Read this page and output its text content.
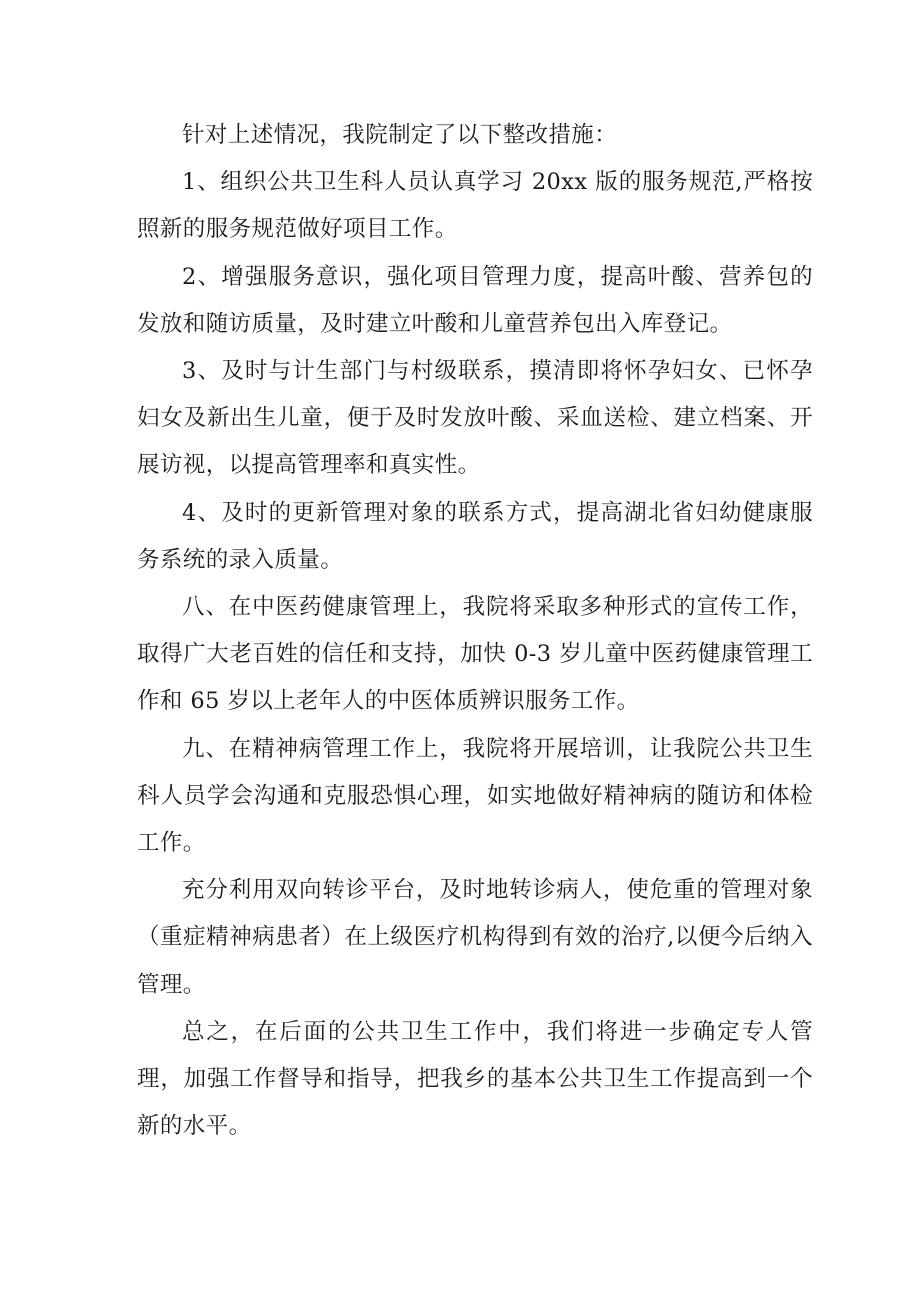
针对上述情况，我院制定了以下整改措施：

1、组织公共卫生科人员认真学习 20xx 版的服务规范,严格按照新的服务规范做好项目工作。

2、增强服务意识，强化项目管理力度，提高叶酸、营养包的发放和随访质量，及时建立叶酸和儿童营养包出入库登记。

3、及时与计生部门与村级联系，摸清即将怀孕妇女、已怀孕妇女及新出生儿童，便于及时发放叶酸、采血送检、建立档案、开展访视，以提高管理率和真实性。

4、及时的更新管理对象的联系方式，提高湖北省妇幼健康服务系统的录入质量。

八、在中医药健康管理上，我院将采取多种形式的宣传工作，取得广大老百姓的信任和支持，加快 0-3 岁儿童中医药健康管理工作和 65 岁以上老年人的中医体质辨识服务工作。

九、在精神病管理工作上，我院将开展培训，让我院公共卫生科人员学会沟通和克服恐惧心理，如实地做好精神病的随访和体检工作。

充分利用双向转诊平台，及时地转诊病人，使危重的管理对象（重症精神病患者）在上级医疗机构得到有效的治疗,以便今后纳入管理。

总之，在后面的公共卫生工作中，我们将进一步确定专人管理，加强工作督导和指导，把我乡的基本公共卫生工作提高到一个新的水平。
